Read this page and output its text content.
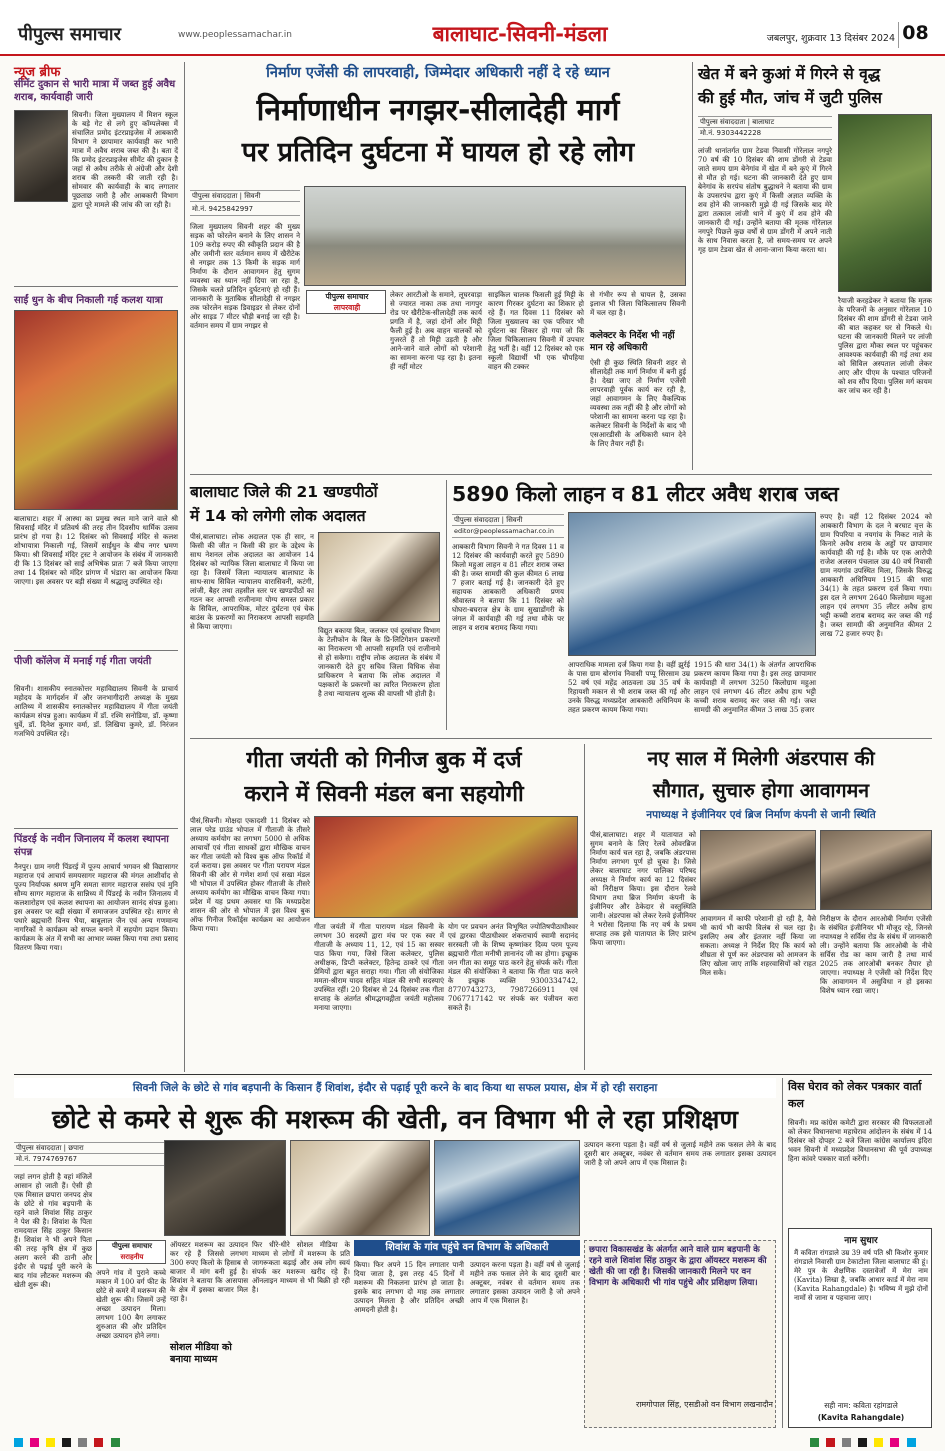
पीपुल्स समाचार	www.peoplessamachar.in	बालाघाट-सिवनी-मंडला	जबलपुर, शुक्रवार 13 दिसंबर 2024 08
न्यूज ब्रीफ
सीमेंट दुकान से भारी मात्रा में जब्त हुई अवैध शराब, कार्यवाही जारी
सिवनी। जिला मुख्यालय में मिशन स्कूल के बड़े गेट से लगे हुए कॉम्पलेक्स में संचालित प्रमोद इंटरप्राइजेस में आबकारी विभाग ने छापामार कार्यवाही कर भारी मात्रा में अवैध शराब जब्त की है। बता दें कि प्रमोद इंटरप्राइजेस सीमेंट की दुकान है जहां से अवैध तरीके से अंग्रेजी और देशी शराब की तस्करी की जाती रही है। सोमवार की कार्यवाही के बाद लगातार पूछताछ जारी है और आबकारी विभाग द्वारा पूरे मामले की जांच की जा रही है।
साईं धुन के बीच निकाली गई कलश यात्रा
बालाघाट। शहर में आस्था का प्रमुख स्थल माने जाने वाले श्री सिवसाईं मंदिर में प्रतिवर्ष की तरह तीन दिवसीय धार्मिक उत्सव प्रारंभ हो गया है। 12 दिसंबर को सिवसाईं मंदिर से कलश शोभायात्रा निकाली गई, जिसमें साईंधुन के बीच नगर भ्रमण किया। श्री शिवसाईं मंदिर ट्रस्ट ने आयोजन के संबंध में जानकारी दी कि 13 दिसंबर को साईं अभिषेक प्रातः 7 बजे किया जाएगा तथा 14 दिसंबर को मंदिर प्रांगण में भंडारा का आयोजन किया जाएगा। इस अवसर पर बड़ी संख्या में श्रद्धालु उपस्थित रहे।
पीजी कॉलेज में मनाई गई गीता जयंती
सिवनी। शासकीय स्नातकोत्तर महाविद्यालय सिवनी के प्राचार्य महोदय के मार्गदर्शन में और जनभागीदारी अध्यक्ष के मुख्य आतिथ्य में शासकीय स्नातकोत्तर महाविद्यालय में गीता जयंती कार्यक्रम संपन्न हुआ। कार्यक्रम में डॉ. रश्मि सनोडिया, डॉ. कृष्णा धुर्वे, डॉ. दिनेश कुमार वर्मा, डॉ. लिखिया कुमरे, डॉ. निरंजन गजभिये उपस्थित रहे।
पिंडरई के नवीन जिनालय में कलश स्थापना संपन्न
नैनपुर। ग्राम नगरी पिंडरई में पूज्य आचार्य भगवन श्री विद्यासागर महाराज एवं आचार्य समयसागर महाराज की मंगल आशीर्वाद से पूज्य निर्यापक श्रमण मुनि समता सागर महाराज ससंघ एवं मुनि सौम्य सागर महाराज के सान्निध्य में पिंडरई के नवीन जिनालय में कलशारोहण एवं कलश स्थापना का आयोजन सानंद संपन्न हुआ। इस अवसर पर बड़ी संख्या में समाजजन उपस्थित रहे। सागर से पधारे ब्रह्मचारी विनय भैया, बाबूलाल जैन एवं अन्य गणमान्य नागरिकों ने कार्यक्रम को सफल बनाने में सहयोग प्रदान किया। कार्यक्रम के अंत में सभी का आभार व्यक्त किया गया तथा प्रसाद वितरण किया गया।
निर्माण एजेंसी की लापरवाही, जिम्मेदार अधिकारी नहीं दे रहे ध्यान
निर्माणाधीन नगझर-सीलादेही मार्ग
पर प्रतिदिन दुर्घटना में घायल हो रहे लोग
पीपुल्स संवाददाता | सिवनी
मो.नं. 9425842997
जिला मुख्यालय सिवनी शहर की मुख्य सड़क को फोरलेन बनाने के लिए शासन ने 109 करोड़ रुपए की स्वीकृति प्रदान की है और जमीनी स्तर वर्तमान समय में खैरीटेक से नगझर तक 13 किमी के सड़क मार्ग निर्माण के दौरान आवागमन हेतु सुगम व्यवस्था का ध्यान नहीं दिया जा रहा है, जिसके चलते प्रतिदिन दुर्घटनाएं हो रही हैं। जानकारी के मुताबिक सीलादेही से नगझर तक फोरलेन सड़क डिवाइडर से लेकर दोनों ओर साइड 7 मीटर चौड़ी बनाई जा रही है। वर्तमान समय में ग्राम नगझर से
पीपुल्स समाचार
लापरवाही
लेकर आरटीओ के समाने, लूघरवाड़ा से ज्यारत नाका तक तथा नागपुर रोड पर खैरीटेक-सीलादेही तक कार्य प्रगति में है, जहां दोनों ओर मिट्टी फैली हुई है। अब वाहन चालकों को गुजरते हैं तो मिट्टी उड़ती है और आने-जाने वाले लोगों को परेशानी का सामना करना पड़ रहा है। इतना ही नहीं मोटर
साइकिल चालक फिसली हुई मिट्टी के कारण गिरकर दुर्घटना का शिकार हो रहे हैं। गत दिवस 11 दिसंबर को जिला मुख्यालय का एक परिवार भी दुर्घटना का शिकार हो गया जो कि जिला चिकित्सालय सिवनी में उपचार हेतु भर्ती है। वहीं 12 दिसंबर को एक स्कूली विद्यार्थी भी एक चौपहिया वाहन की टक्कर
से गंभीर रूप से घायल है, उसका इलाज भी जिला चिकित्सालय सिवनी में चल रहा है।
कलेक्टर के निर्देश भी नहीं मान रहे अधिकारी
ऐसी ही कुछ स्थिति सिवनी शहर से सीलादेही तक मार्ग निर्माण में बनी हुई है। देखा जाए तो निर्माण एजेंसी लापरवाही पूर्वक कार्य कर रही है, जहां आवागमन के लिए वैकल्पिक व्यवस्था तक नहीं की है और लोगों को परेशानी का सामना करना पड़ रहा है। कलेक्टर सिवनी के निर्देशों के बाद भी एसआरडीसी के अधिकारी ध्यान देने के लिए तैयार नहीं हैं।
खेत में बने कुआं में गिरने से वृद्ध
की हुई मौत, जांच में जुटी पुलिस
पीपुल्स संवाददाता | बालाघाट
मो.नं. 9303442228
लांजी थानांतर्गत ग्राम टेडवा निवासी गोरेलाल नगपुरे 70 वर्ष की 10 दिसंबर की शाम डोंगरी से टेडवा जाते समय ग्राम बेनेगांव में खेत में बने कुएं में गिरने से मौत हो गई। घटना की जानकारी देते हुए ग्राम बेनेगांव के सरपंच संतोष बुद्धाधने ने बताया की ग्राम के उपसरपंच द्वारा कुएं में किसी अज्ञात व्यक्ति के शव होने की जानकारी मुझे दी गई जिसके बाद मेरे द्वारा तत्काल लांजी थाने में कुएं में शव होने की जानकारी दी गई। उन्होंने बताया की मृतक गोरेलाल नगपुरे पिछले कुछ वर्षों से ग्राम डोंगरी में अपने नाती के साथ निवास करता है, जो समय-समय पर अपने गृह ग्राम टेडवा खेत से आना-जाना किया करता था।
रैयाजी करहडेकर ने बताया कि मृतक के परिजनों के अनुसार गोरेलाल 10 दिसंबर की शाम डोंगरी से टेडवा जाने की बात कहकर घर से निकले थे। घटना की जानकारी मिलने पर लांजी पुलिस द्वारा मौका स्थल पर पहुंचकर आवश्यक कार्यवाही की गई तथा शव को सिविल अस्पताल लांजी लेकर आए और पीएम के पश्चात परिजनों को शव सौंप दिया। पुलिस मर्ग कायम कर जांच कर रही है।
बालाघाट जिले की 21 खण्डपीठों
में 14 को लगेगी लोक अदालत
पीसं,बालाघाट। लोक अदालत एक ही सार, न किसी की जीत न किसी की हार के उद्देश्य के साथ नेशनल लोक अदालत का आयोजन 14 दिसंबर को न्यायिक जिला बालाघाट में किया जा रहा है। जिसमें जिला न्यायालय बालाघाट के साथ-साथ सिविल न्यायालय वारासिवनी, कटंगी, लांजी, बैहर तथा तहसील स्तर पर खण्डपीठों का गठन कर आपसी राजीनामा योग्य समस्त प्रकार के सिविल, आपराधिक, मोटर दुर्घटना एवं चेक बाउंस के प्रकरणों का निराकरण आपसी सहमति से किया जाएगा।	विद्युत बकाया बिल, जलकर एवं दूरसंचार विभाग के टेलीफोन के बिल के प्रि-लिटिगेशन प्रकरणों का निराकरण भी आपसी सहमति एवं राजीनामे से हो सकेगा। राष्ट्रीय लोक अदालत के संबंध में जानकारी देते हुए सचिव जिला विधिक सेवा प्राधिकरण ने बताया कि लोक अदालत में पक्षकारों के प्रकरणों का त्वरित निराकरण होता है तथा न्यायालय शुल्क की वापसी भी होती है।
5890 किलो लाहन व 81 लीटर अवैध शराब जब्त
पीपुल्स संवाददाता | सिवनी
editor@peoplessamachar.co.in
आबकारी विभाग सिवनी ने गत दिवस 11 व 12 दिसंबर की कार्यवाही करते हुए 5890 किलो महुआ लाहन व 81 लीटर शराब जब्त की है। जब्त सामग्री की कुल कीमत 6 लाख 7 हजार बताई गई है। जानकारी देते हुए सहायक आबकारी अधिकारी प्रणय श्रीवास्तव ने बताया कि 11 दिसंबर को घोघरा-बघराज क्षेत्र के ग्राम सुखाडोंगरी के जंगल में कार्यवाही की गई तथा मौके पर लाहन व शराब बरामद किया गया।
आपराधिक मामला दर्ज किया गया है। वहीं झुर्रई के पास ग्राम बोरगांव निवासी पप्पू सिरसाम उम्र 52 वर्ष एवं महेंद्र आठवला उम्र 35 वर्ष के रिहायशी मकान से भी शराब जब्त की गई और उनके विरुद्ध मध्यप्रदेश आबकारी अधिनियम के तहत प्रकरण कायम किया गया।
1915 की धारा 34(1) के अंतर्गत आपराधिक प्रकरण कायम किया गया है। इस तरह छापामार कार्यवाही में लगभग 3250 किलोग्राम महुआ लाहन एवं लगभग 46 लीटर अवैध हाथ भट्टी कच्ची शराब बरामद कर जब्त की गई। जब्त सामग्री की अनुमानित कीमत 3 लाख 35 हजार
रुपए है। वहीं 12 दिसंबर 2024 को आबकारी विभाग के दल ने बरघाट वृत्त के ग्राम पिपरिया व नयगांव के निकट नाले के किनारे अवैध शराब के अड्डों पर छापामार कार्यवाही की गई है। मौके पर एक आरोपी राजेश अलसन पंचलाल उम्र 40 वर्ष निवासी ग्राम नयगांव उपस्थित मिला, जिसके विरुद्ध आबकारी अधिनियम 1915 की धारा 34(1) के तहत प्रकरण दर्ज किया गया। इस दल ने लगभग 2640 किलोग्राम महुआ लाहन एवं लगभग 35 लीटर अवैध हाथ भट्टी कच्ची शराब बरामद कर जब्त की गई है। जब्त सामग्री की अनुमानित कीमत 2 लाख 72 हजार रुपए है।
गीता जयंती को गिनीज बुक में दर्ज
कराने में सिवनी मंडल बना सहयोगी
पीसं,सिवनी। मोक्षदा एकादशी 11 दिसंबर को लाल परेड ग्राउंड भोपाल में गीताजी के तीसरे अध्याय कर्मयोग का लगभग 5000 से अधिक आचार्यों एवं गीता साधकों द्वारा मौखिक वाचन कर गीता जयंती को विश्व बुक ऑफ रिकॉर्ड में दर्ज कराया। इस अवसर पर गीता परायण मंडल सिवनी की ओर से गणेश शर्मा एवं सखा मंडल भी भोपाल में उपस्थित होकर गीताजी के तीसरे अध्याय कर्मयोग का मौखिक वाचन किया गया। प्रदेश में यह प्रथम अवसर था कि मध्यप्रदेश शासन की ओर से भोपाल में इस विश्व बुक ऑफ गिनीज रिकॉर्ड्स कार्यक्रम का आयोजन किया गया।	गीता जयंती में गीता पारायण मंडल सिवनी के लगभग 30 सदस्यों द्वारा मंच पर एक स्वर में गीताजी के अध्याय 11, 12, एवं 15 का सस्वर पाठ किया गया, जिसे जिला कलेक्टर, पुलिस अधीक्षक, डिप्टी कलेक्टर, हितेन्द्र ठाकरे एवं गीता प्रेमियों द्वारा बहुत सराहा गया। गीता जी संयोजिका ममता-श्रीराम यादव सहित मंडल की सभी सदस्याएं उपस्थित रहीं। 20 दिसंबर से 24 दिसंबर तक गीता सप्ताह के अंतर्गत श्रीमद्भगवद्गीता जयंती महोत्सव मनाया जाएगा।
योग पर प्रवचन अनंत विभूषित ज्योतिषपीठाधीश्वर एवं द्वारका पीठाधीश्वर शंकराचार्य स्वामी सदानंद सरस्वती जी के शिष्य कृष्णांकर दिव्य परम पूज्य ब्रह्मचारी गीता मनीषी ज्ञानानंद जी का होगा। इच्छुक जन गीता का समूह पाठ करने हेतु संपर्क करें। गीता मंडल की संयोजिका ने बताया कि गीता पाठ करने के इच्छुक व्यक्ति 9300334742, 8770743273, 7987266911 एवं 7067717142 पर संपर्क कर पंजीयन करा सकते हैं।
नए साल में मिलेगी अंडरपास की
सौगात, सुचारु होगा आवागमन
नपाध्यक्ष ने इंजीनियर एवं ब्रिज निर्माण कंपनी से जानी स्थिति
पीसं,बालाघाट। शहर में यातायात को सुगम बनाने के लिए रेलवे ओवरब्रिज निर्माण कार्य चल रहा है, जबकि अंडरपास निर्माण लगभग पूर्ण हो चुका है। जिसे लेकर बालाघाट नगर पालिका परिषद अध्यक्ष ने निर्माण कार्य का 12 दिसंबर को निरीक्षण किया। इस दौरान रेलवे विभाग तथा ब्रिज निर्माण कंपनी के इंजीनियर और ठेकेदार से वस्तुस्थिति जानी। अंडरपास को लेकर रेलवे इंजीनियर ने भरोसा दिलाया कि नए वर्ष के प्रथम सप्ताह तक इसे यातायात के लिए प्रारंभ किया जाएगा।
आवागमन में काफी परेशानी हो रही है, वैसे भी कार्य भी काफी विलंब से चल रहा है। इसलिए अब और इंतजार नहीं किया जा सकता। अध्यक्ष ने निर्देश दिए कि कार्य को शीघ्रता से पूर्ण कर अंडरपास को आमजन के लिए खोला जाए ताकि शहरवासियों को राहत मिल सके।
निरीक्षण के दौरान आरओबी निर्माण एजेंसी के संबंधित इंजीनियर भी मौजूद रहे, जिनसे नपाध्यक्ष ने सर्विस रोड के संबंध में जानकारी ली। उन्होंने बताया कि आरओबी के नीचे सर्विस रोड का काम जारी है तथा मार्च 2025 तक आरओबी बनकर तैयार हो जाएगा। नपाध्यक्ष ने एजेंसी को निर्देश दिए कि आवागमन में असुविधा न हो इसका विशेष ध्यान रखा जाए।
सिवनी जिले के छोटे से गांव बड़पानी के किसान हैं शिवांश, इंदौर से पढ़ाई पूरी करने के बाद किया था सफल प्रयास, क्षेत्र में हो रही सराहना
छोटे से कमरे से शुरू की मशरूम की खेती, वन विभाग भी ले रहा प्रशिक्षण
पीपुल्स संवाददाता | छपारा
मो.नं. 7974769767
जहां लगन होती है वहां मंजिलें आसान हो जाती हैं। ऐसी ही एक मिसाल छपारा जनपद क्षेत्र के छोटे से गांव बड़पानी के रहने वाले शिवांश सिंह ठाकुर ने पेश की है। शिवांश के पिता रामदयाल सिंह ठाकुर किसान हैं। शिवांश ने भी अपने पिता की तरह कृषि क्षेत्र में कुछ अलग करने की ठानी और इंदौर से पढ़ाई पूरी करने के बाद गांव लौटकर मशरूम की खेती शुरू की।
पीपुल्स समाचार
सराहनीय
अपने गांव में पुराने कच्चे मकान में 100 वर्ग फीट के छोटे से कमरे में मशरूम की खेती शुरू की। जिसमें उन्हें अच्छा उत्पादन मिला। लगभग 100 बैग लगाकर शुरुआत की और प्रतिदिन अच्छा उत्पादन होने लगा।
ऑयस्टर मशरूम का उत्पादन कर रहे हैं जिससे लगभग 300 रुपए किलो के हिसाब से बाजार में मांग बनी हुई है। शिवांश ने बताया कि आसपास के क्षेत्र में इसका बाजार मिल रहा है।
सोशल मीडिया को बनाया माध्यम
फिर धीरे-धीरे सोशल मीडिया के माध्यम से लोगों में मशरूम के प्रति जागरूकता बढ़ाई और अब लोग स्वयं संपर्क कर मशरूम खरीद रहे हैं। ऑनलाइन माध्यम से भी बिक्री हो रही है।
शिवांश के गांव पहुंचे वन विभाग के अधिकारी
किया। फिर अपने 15 दिन लगातार पानी दिया जाता है, इस तरह 45 दिनों में मशरूम की निकलना प्रारंभ हो जाता है। इसके बाद लगभग दो माह तक लगातार उत्पादन मिलता है और प्रतिदिन अच्छी आमदनी होती है।
उत्पादन करना पड़ता है। वहीं वर्ष से जुलाई महीने तक फसल लेने के बाद दूसरी बार अक्टूबर, नवंबर से वर्तमान समय तक लगातार इसका उत्पादन जारी है जो अपने आप में एक मिसाल है।
उत्पादन करना पड़ता है। वहीं वर्ष से जुलाई महीने तक फसल लेने के बाद दूसरी बार अक्टूबर, नवंबर से वर्तमान समय तक लगातार इसका उत्पादन जारी है जो अपने आप में एक मिसाल है।
छपारा विकासखंड के अंतर्गत आने वाले ग्राम बड़पानी के रहने वाले शिवांश सिंह ठाकुर के द्वारा ऑयस्टर मशरूम की खेती की जा रही है। जिसकी जानकारी मिलने पर वन विभाग के अधिकारी भी गांव पहुंचे और प्रशिक्षण लिया।
रामगोपाल सिंह, एसडीओ वन विभाग लखनादौन
विस घेराव को लेकर पत्रकार वार्ता कल
सिवनी। मप्र कांग्रेस कमेटी द्वारा सरकार की विफलताओं को लेकर विधानसभा महाघेराव आंदोलन के संबंध में 14 दिसंबर को दोपहर 2 बजे जिला कांग्रेस कार्यालय इंदिरा भवन सिवनी में मध्यप्रदेश विधानसभा की पूर्व उपाध्यक्ष हिना कांवरे पत्रकार वार्ता करेंगी।
नाम सुधार
मैं कविता रांगडाले उम्र 39 वर्ष पति श्री किशोर कुमार रांगडाले निवासी ग्राम टेकाटोला जिला बालाघाट की हूं। मेरे पुत्र के शैक्षणिक दस्तावेजों में मेरा नाम (Kavita) लिखा है, जबकि आधार कार्ड में मेरा नाम (Kavita Rahangdale) है। भविष्य में मुझे दोनों नामों से जाना व पहचाना जाए।
सही नाम: कविता रहांगडाले
(Kavita Rahangdale)
